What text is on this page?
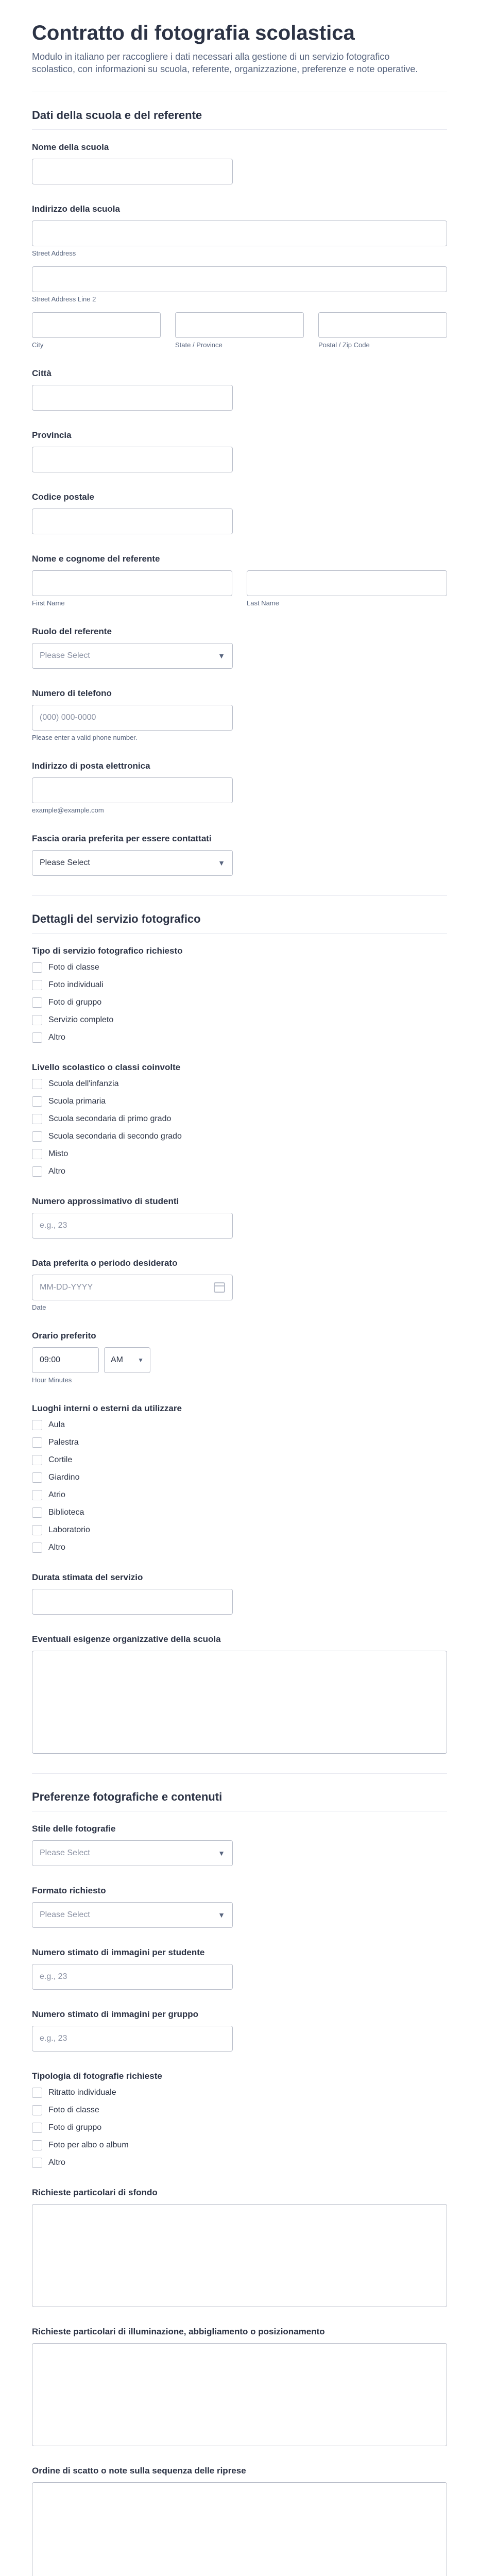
Contratto di fotografia scolastica

Modulo in italiano per raccogliere i dati necessari alla gestione di un servizio fotografico scolastico, con informazioni su scuola, referente, organizzazione, preferenze e note operative.

Dati della scuola e del referente
Nome della scuola
Indirizzo della scuola
Street Address
Street Address Line 2
City	State / Province	Postal / Zip Code
Città
Provincia
Codice postale
Nome e cognome del referente
First Name	Last Name
Ruolo del referente
Please Select	▼
Numero di telefono
(000) 000-0000
Please enter a valid phone number.
Indirizzo di posta elettronica
example@example.com
Fascia oraria preferita per essere contattati
Please Select	▼
Dettagli del servizio fotografico
Tipo di servizio fotografico richiesto
Foto di classe
Foto individuali
Foto di gruppo
Servizio completo
Altro
Livello scolastico o classi coinvolte
Scuola dell'infanzia
Scuola primaria
Scuola secondaria di primo grado
Scuola secondaria di secondo grado
Misto
Altro
Numero approssimativo di studenti
e.g., 23
Data preferita o periodo desiderato
MM-DD-YYYY
Date
Orario preferito
09:00	AM ▼
Hour Minutes
Luoghi interni o esterni da utilizzare
Aula
Palestra
Cortile
Giardino
Atrio
Biblioteca
Laboratorio
Altro
Durata stimata del servizio
Eventuali esigenze organizzative della scuola
Preferenze fotografiche e contenuti
Stile delle fotografie
Please Select	▼
Formato richiesto
Please Select	▼
Numero stimato di immagini per studente
e.g., 23
Numero stimato di immagini per gruppo
e.g., 23
Tipologia di fotografie richieste
Ritratto individuale
Foto di classe
Foto di gruppo
Foto per albo o album
Altro
Richieste particolari di sfondo
Richieste particolari di illuminazione, abbigliamento o posizionamento
Ordine di scatto o note sulla sequenza delle riprese
